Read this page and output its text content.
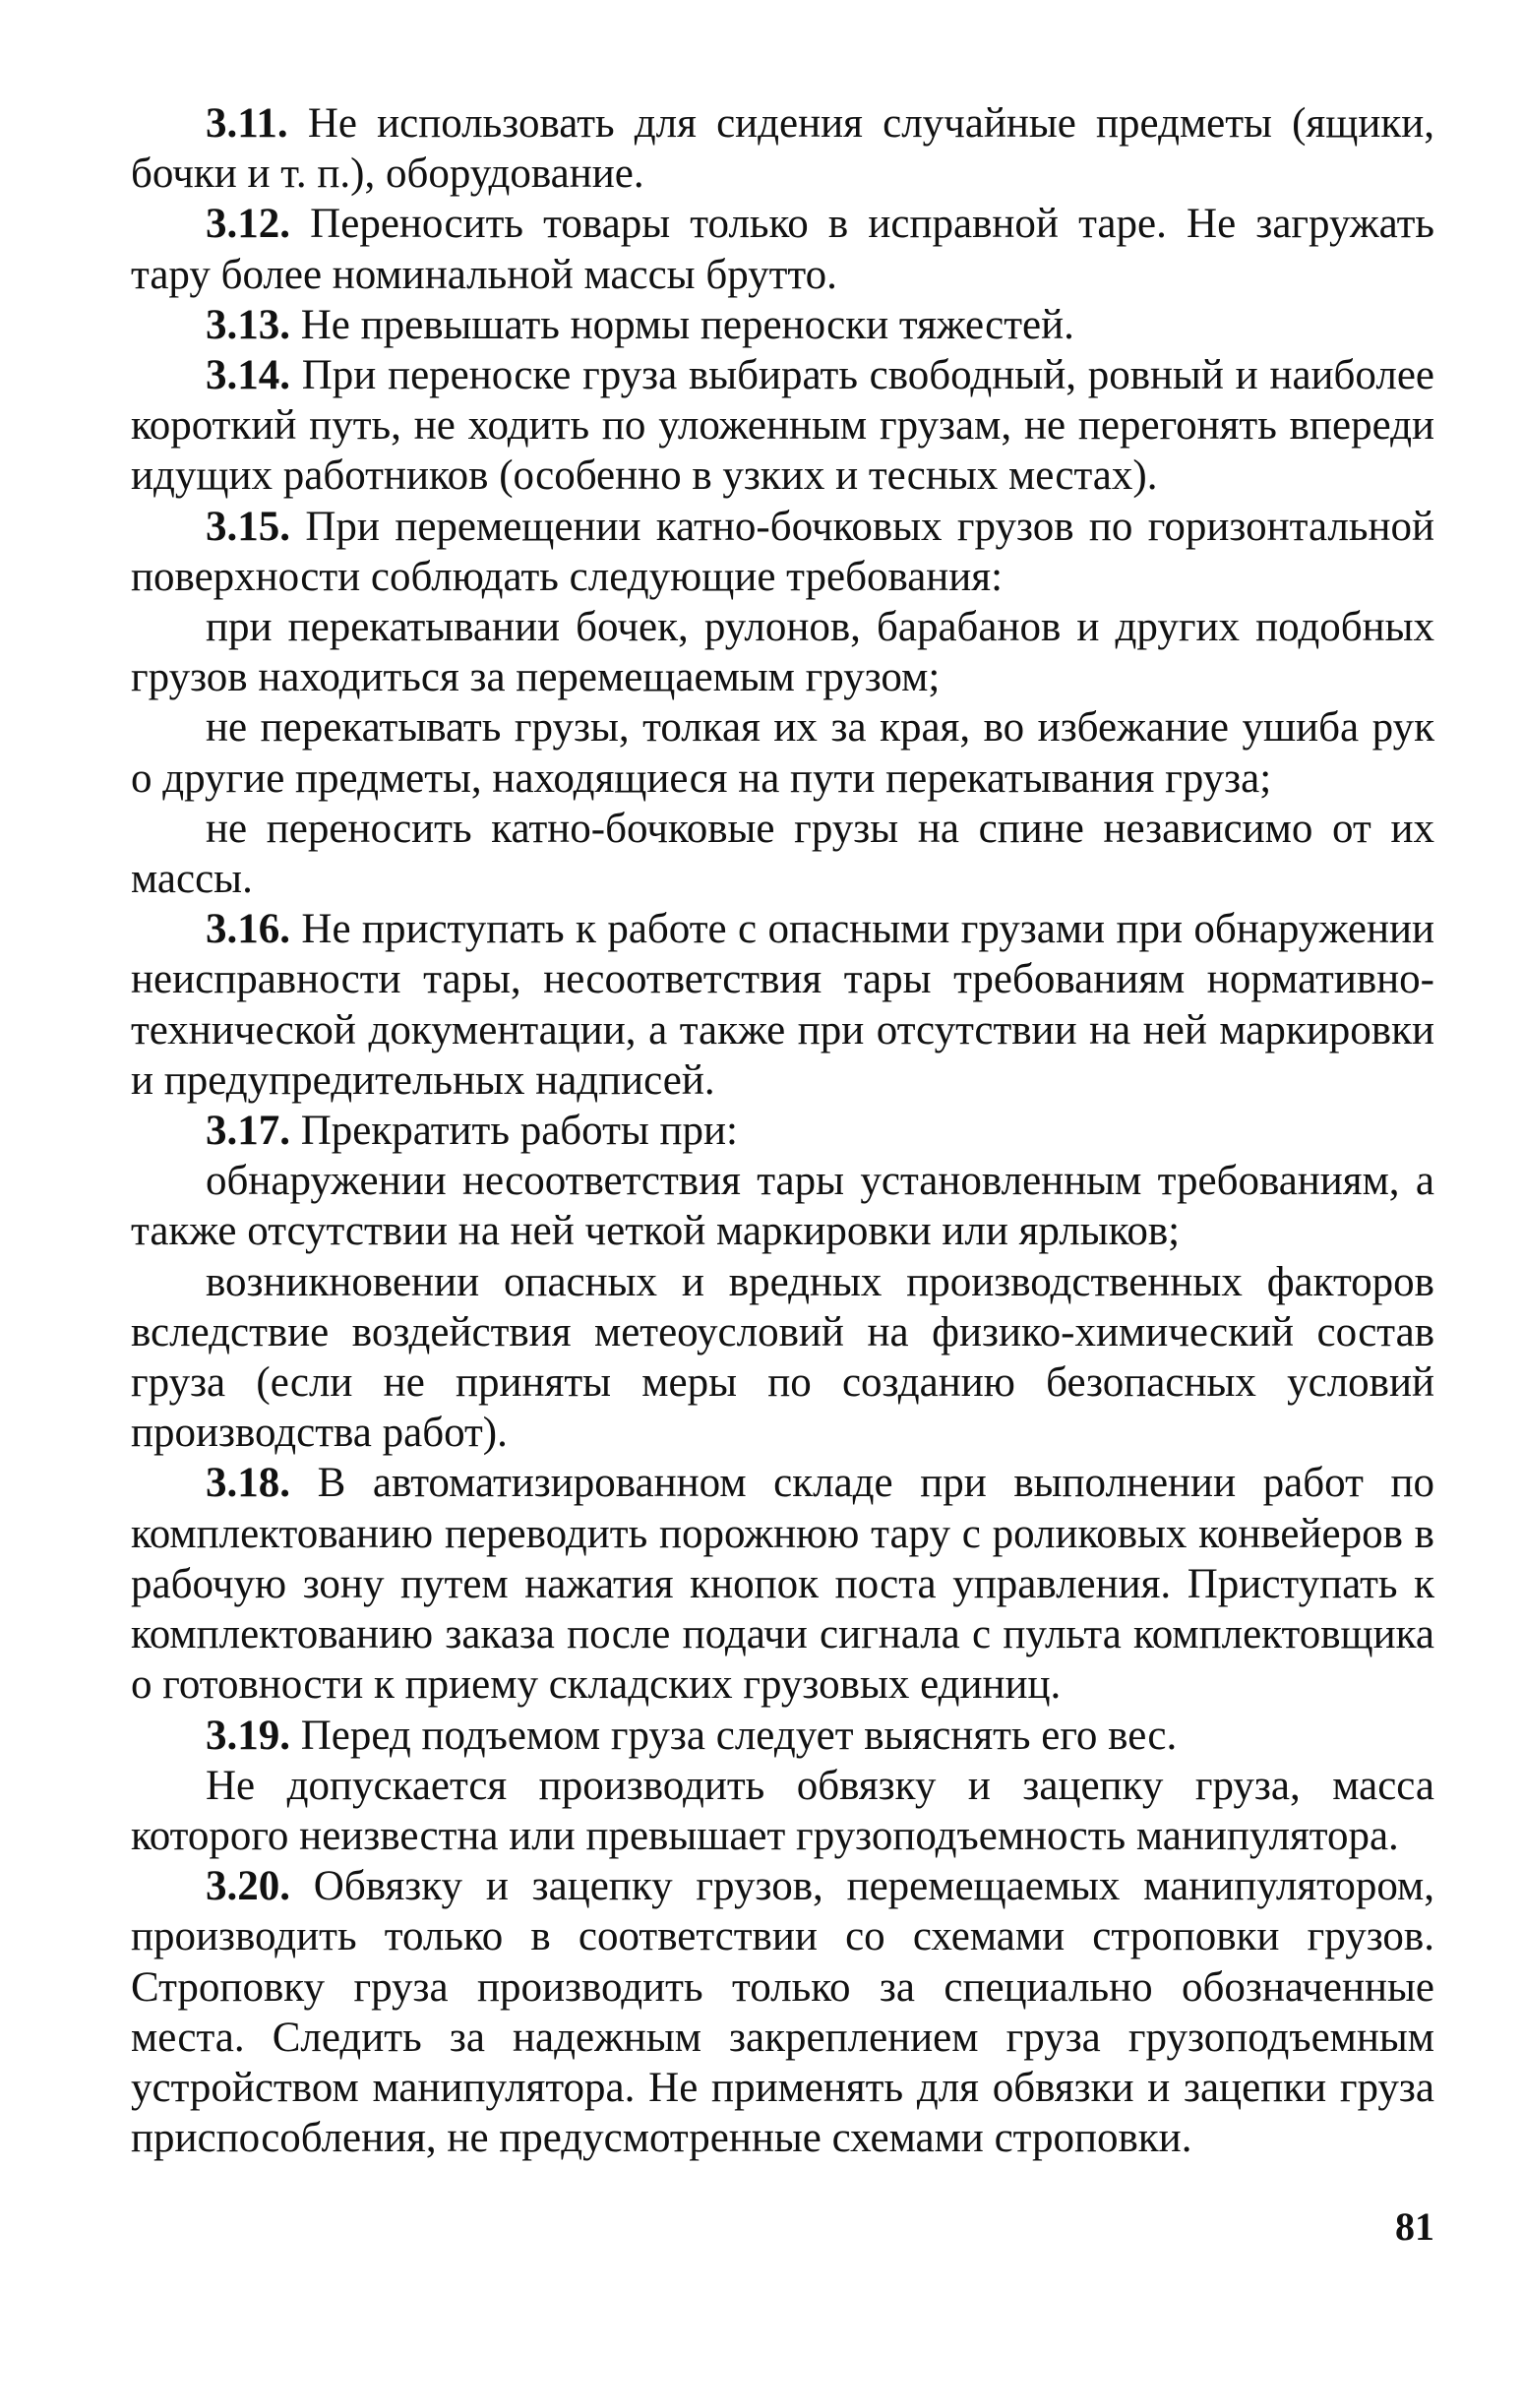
3.11. Не использовать для сидения случайные предметы (ящики, бочки и т. п.), оборудование.

3.12. Переносить товары только в исправной таре. Не загружать тару более номинальной массы брутто.

3.13. Не превышать нормы переноски тяжестей.

3.14. При переноске груза выбирать свободный, ровный и наиболее короткий путь, не ходить по уложенным грузам, не перегонять впереди идущих работников (особенно в узких и тесных местах).

3.15. При перемещении катно-бочковых грузов по горизонтальной поверхности соблюдать следующие требования:

при перекатывании бочек, рулонов, барабанов и других подобных грузов находиться за перемещаемым грузом;

не перекатывать грузы, толкая их за края, во избежание ушиба рук о другие предметы, находящиеся на пути перекатывания груза;

не переносить катно-бочковые грузы на спине независимо от их массы.

3.16. Не приступать к работе с опасными грузами при обнаружении неисправности тары, несоответствия тары требованиям нормативно-технической документации, а также при отсутствии на ней маркировки и предупредительных надписей.

3.17. Прекратить работы при:

обнаружении несоответствия тары установленным требованиям, а также отсутствии на ней четкой маркировки или ярлыков;

возникновении опасных и вредных производственных факторов вследствие воздействия метеоусловий на физико-химический состав груза (если не приняты меры по созданию безопасных условий производства работ).

3.18. В автоматизированном складе при выполнении работ по комплектованию переводить порожнюю тару с роликовых конвейеров в рабочую зону путем нажатия кнопок поста управления. Приступать к комплектованию заказа после подачи сигнала с пульта комплектовщика о готовности к приему складских грузовых единиц.

3.19. Перед подъемом груза следует выяснять его вес.

Не допускается производить обвязку и зацепку груза, масса которого неизвестна или превышает грузоподъемность манипулятора.

3.20. Обвязку и зацепку грузов, перемещаемых манипулятором, производить только в соответствии со схемами строповки грузов. Строповку груза производить только за специально обозначенные места. Следить за надежным закреплением груза грузоподъемным устройством манипулятора. Не применять для обвязки и зацепки груза приспособления, не предусмотренные схемами строповки.

81
